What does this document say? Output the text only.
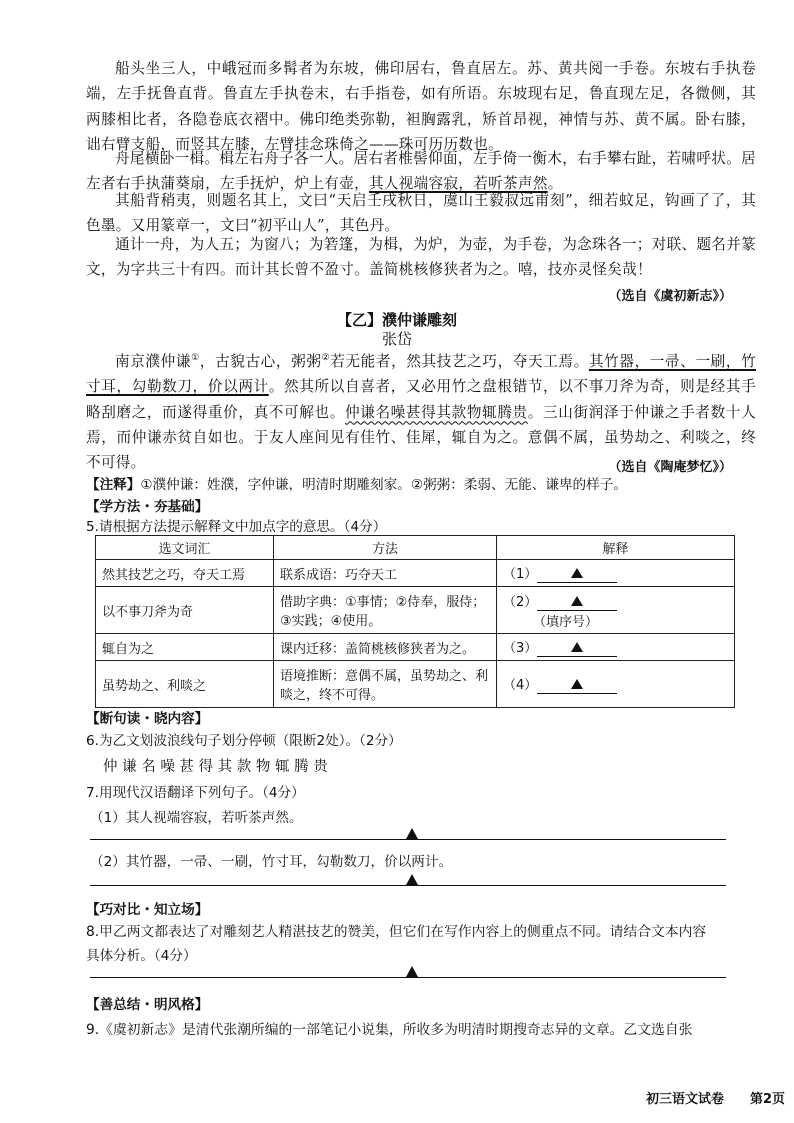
船头坐三人，中峨冠而多髯者为东坡，佛印居右，鲁直居左。苏、黄共阅一手卷。东坡右手执卷端，左手抚鲁直背。鲁直左手执卷末，右手指卷，如有所语。东坡现右足，鲁直现左足，各微侧，其两膝相比者，各隐卷底衣褶中。佛印绝类弥勒，袒胸露乳，矫首昂视，神情与苏、黄不属。卧右膝，诎右臂支船，而竖其左膝，左臂挂念珠倚之——珠可历历数也。

舟尾横卧一楫。楫左右舟子各一人。居右者椎髻仰面，左手倚一衡木，右手攀右趾，若啸呼状。居左者右手执蒲葵扇，左手抚炉，炉上有壶，其人视端容寂，若听茶声然。

其船背稍夷，则题名其上，文曰“天启壬戌秋日，虞山王毅叔远甫刻”，细若蚊足，钩画了了，其色墨。又用篆章一，文曰“初平山人”，其色丹。

通计一舟，为人五；为窗八；为箬篷，为楫，为炉，为壶，为手卷，为念珠各一；对联、题名并篆文，为字共三十有四。而计其长曾不盈寸。盖简桃核修狭者为之。嘻，技亦灵怪矣哉！

（选自《虞初新志》）
【乙】濮仲谦雕刻
张岱

南京濮仲谦①，古貌古心，粥粥②若无能者，然其技艺之巧，夺天工焉。其竹器，一帚、一刷，竹寸耳，勾勒数刀，价以两计。然其所以自喜者，又必用竹之盘根错节，以不事刀斧为奇，则是经其手略刮磨之，而遂得重价，真不可解也。仲谦名噪甚得其款物辄腾贵。三山街润泽于仲谦之手者数十人焉，而仲谦赤贫自如也。于友人座间见有佳竹、佳犀，辄自为之。意偶不属，虽势劫之、利啖之，终不可得。	（选自《陶庵梦忆》）
【注释】①濮仲谦：姓濮，字仲谦，明清时期雕刻家。②粥粥：柔弱、无能、谦卑的样子。
【学方法・夯基础】
5.请根据方法提示解释文中加点字的意思。（4分）
选文词汇	方法	解释
然其技艺之巧，夺天工焉	联系成语：巧夺天工	（1）
以不事刀斧为奇	借助字典：①事情；②侍奉，服侍；③实践；④使用。	（2）
（填序号）
辄自为之	课内迁移：盖简桃核修狭者为之。	（3）
虽势劫之、利啖之	语境推断：意偶不属，虽势劫之、利啖之，终不可得。	（4）
【断句读・晓内容】
6.为乙文划波浪线句子划分停顿（限断2处）。（2分）
仲 谦 名 噪 甚 得 其 款 物 辄 腾 贵
7.用现代汉语翻译下列句子。（4分）
（1）其人视端容寂，若听茶声然。
（2）其竹器，一帚、一刷，竹寸耳，勾勒数刀，价以两计。
【巧对比・知立场】
8.甲乙两文都表达了对雕刻艺人精湛技艺的赞美，但它们在写作内容上的侧重点不同。请结合文本内容
具体分析。（4分）
【善总结・明风格】
9.《虞初新志》是清代张潮所编的一部笔记小说集，所收多为明清时期搜奇志异的文章。乙文选自张
初三语文试卷 第2页
